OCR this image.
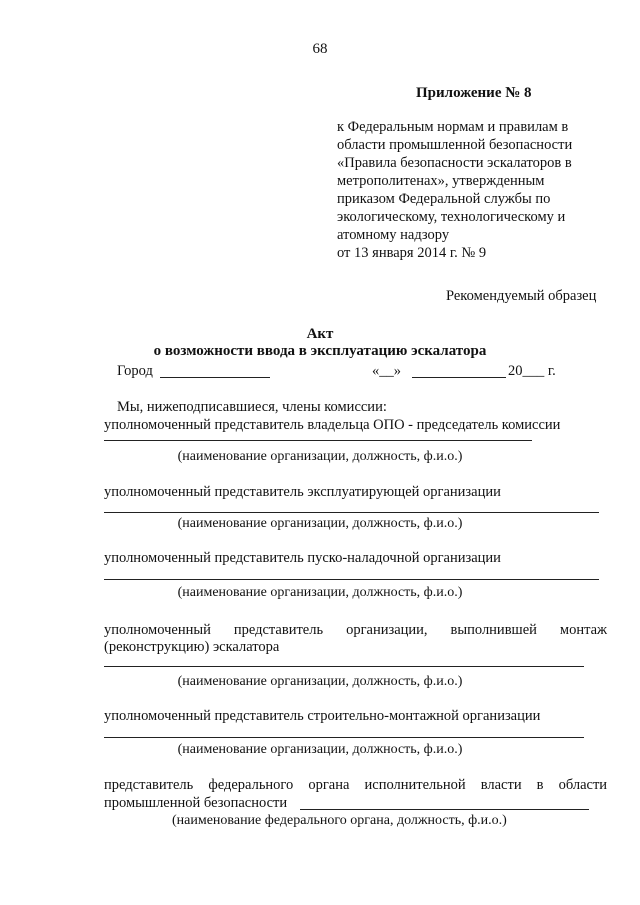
68
Приложение № 8
к Федеральным нормам и правилам в
области промышленной безопасности
«Правила безопасности эскалаторов в
метрополитенах», утвержденным
приказом Федеральной службы по
экологическому, технологическому и
атомному надзору
от 13 января 2014 г. № 9
Рекомендуемый образец
Акт
о возможности ввода в эксплуатацию эскалатора
Город	«__»	20___ г.
Мы, нижеподписавшиеся, члены комиссии:
уполномоченный представитель владельца ОПО - председатель комиссии
(наименование организации, должность, ф.и.о.)
уполномоченный представитель эксплуатирующей организации
(наименование организации, должность, ф.и.о.)
уполномоченный представитель пуско-наладочной организации
(наименование организации, должность, ф.и.о.)
уполномоченный представитель организации, выполнившей монтаж
(реконструкцию) эскалатора
(наименование организации, должность, ф.и.о.)
уполномоченный представитель строительно-монтажной организации
(наименование организации, должность, ф.и.о.)
представитель федерального органа исполнительной власти в области
промышленной безопасности
(наименование федерального органа, должность, ф.и.о.)
